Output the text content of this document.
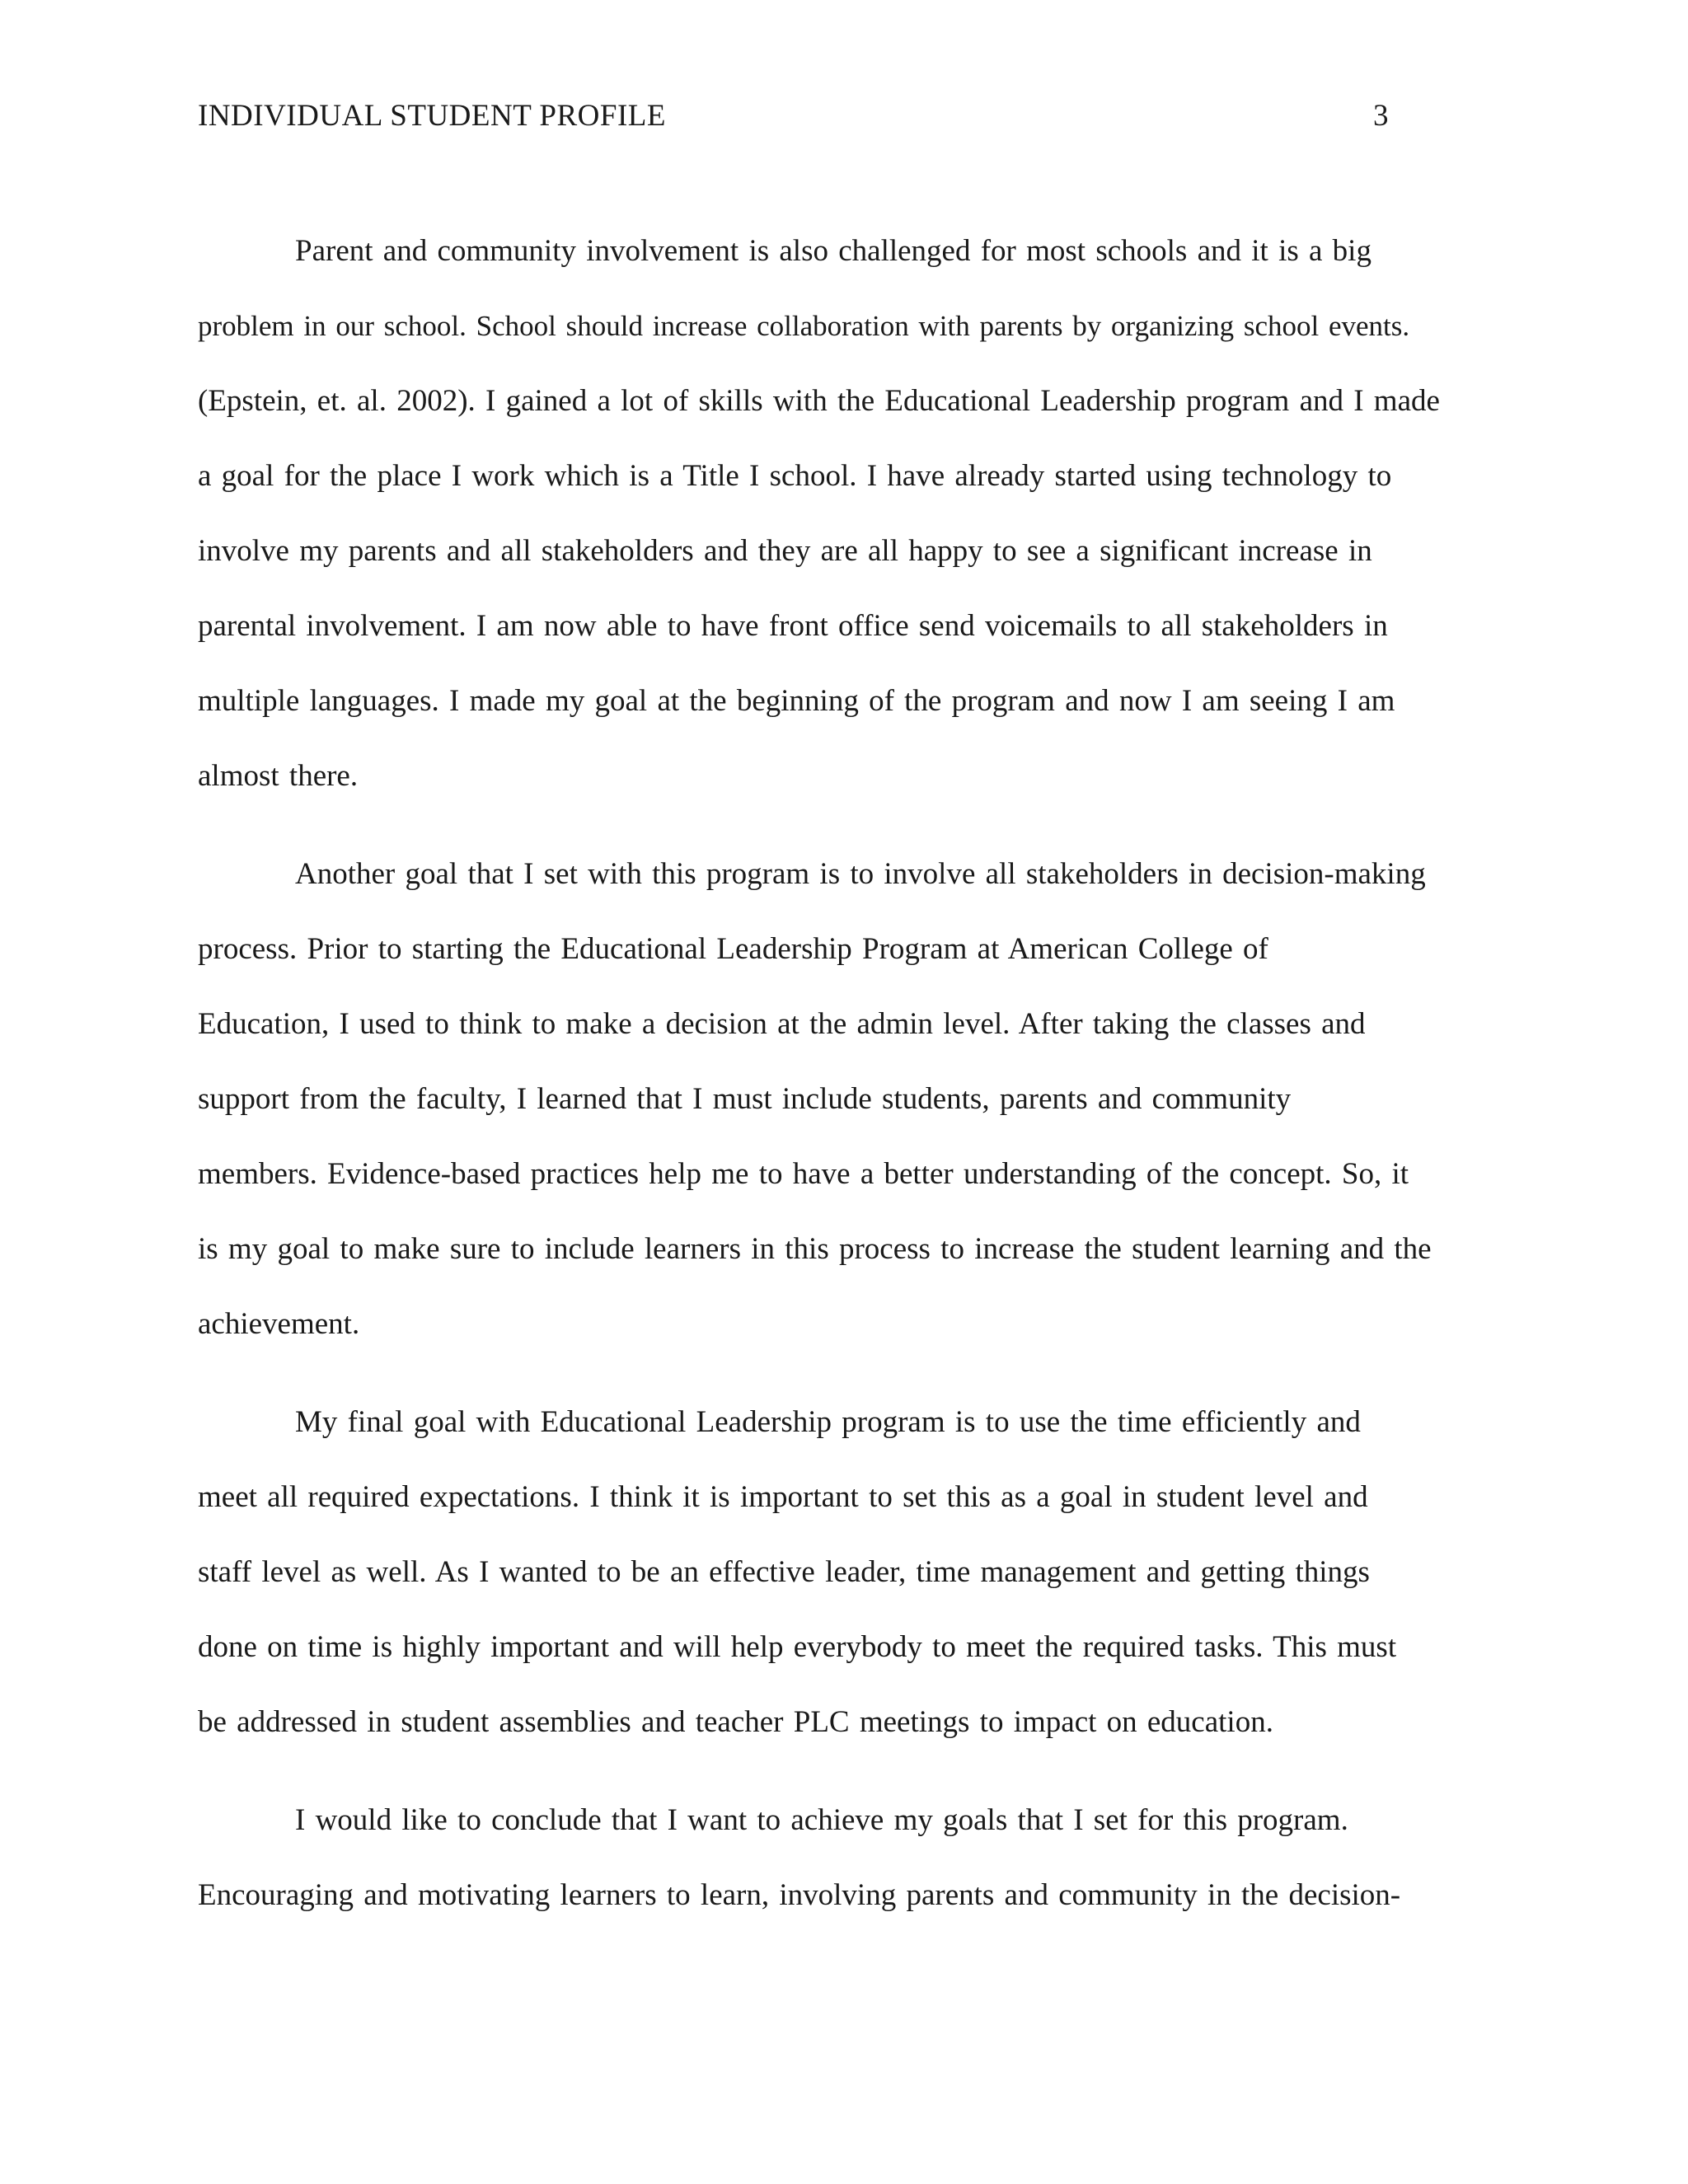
INDIVIDUAL STUDENT PROFILE	3
Parent and community involvement is also challenged for most schools and it is a big
problem in our school. School should increase collaboration with parents by organizing school events.
(Epstein, et. al. 2002). I gained a lot of skills with the Educational Leadership program and I made
a goal for the place I work which is a Title I school. I have already started using technology to
involve my parents and all stakeholders and they are all happy to see a significant increase in
parental involvement. I am now able to have front office send voicemails to all stakeholders in
multiple languages. I made my goal at the beginning of the program and now I am seeing I am
almost there.
Another goal that I set with this program is to involve all stakeholders in decision-making
process. Prior to starting the Educational Leadership Program at American College of
Education, I used to think to make a decision at the admin level. After taking the classes and
support from the faculty, I learned that I must include students, parents and community
members. Evidence-based practices help me to have a better understanding of the concept. So, it
is my goal to make sure to include learners in this process to increase the student learning and the
achievement.
My final goal with Educational Leadership program is to use the time efficiently and
meet all required expectations. I think it is important to set this as a goal in student level and
staff level as well. As I wanted to be an effective leader, time management and getting things
done on time is highly important and will help everybody to meet the required tasks. This must
be addressed in student assemblies and teacher PLC meetings to impact on education.
I would like to conclude that I want to achieve my goals that I set for this program.
Encouraging and motivating learners to learn, involving parents and community in the decision-
